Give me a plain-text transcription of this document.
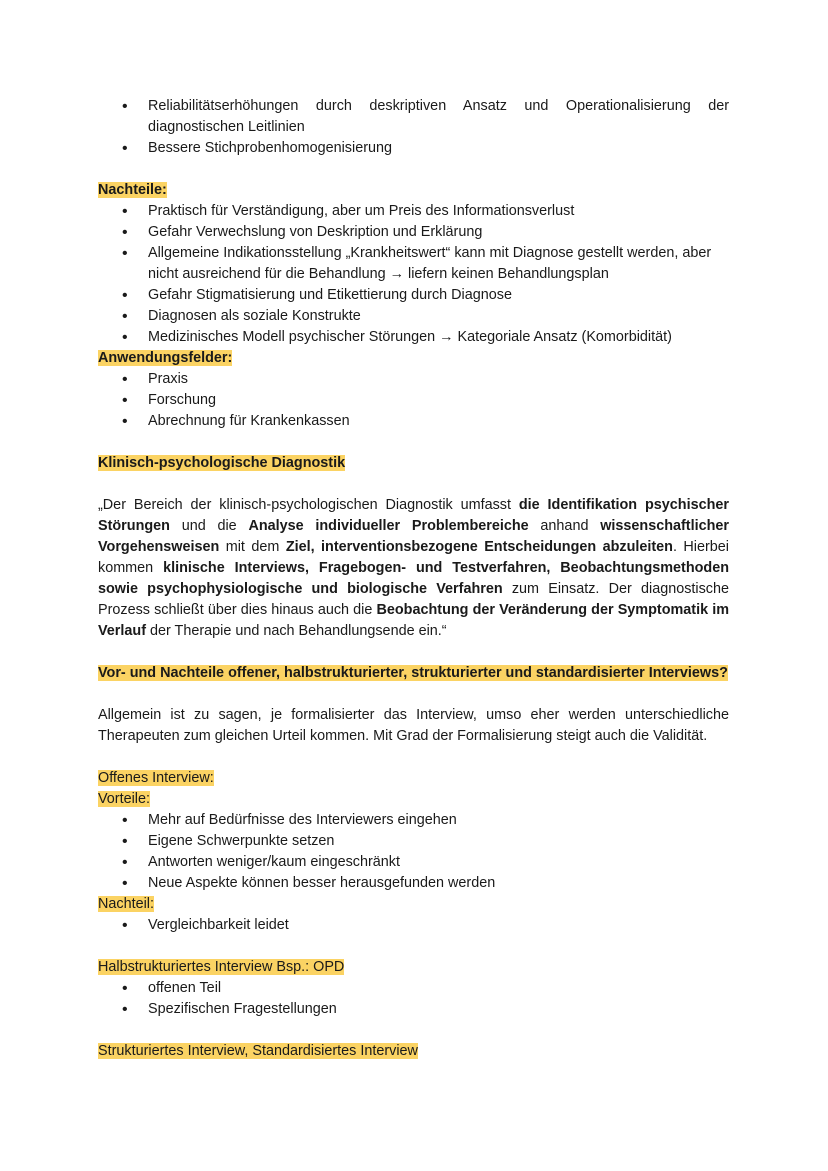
• Reliabilitätserhöhungen durch deskriptiven Ansatz und Operationalisierung der diagnostischen Leitlinien
• Bessere Stichprobenhomogenisierung
Nachteile:
• Praktisch für Verständigung, aber um Preis des Informationsverlust
• Gefahr Verwechslung von Deskription und Erklärung
• Allgemeine Indikationsstellung „Krankheitswert“ kann mit Diagnose gestellt werden, aber nicht ausreichend für die Behandlung → liefern keinen Behandlungsplan
• Gefahr Stigmatisierung und Etikettierung durch Diagnose
• Diagnosen als soziale Konstrukte
• Medizinisches Modell psychischer Störungen → Kategoriale Ansatz (Komorbidität)
Anwendungsfelder:
• Praxis
• Forschung
• Abrechnung für Krankenkassen
Klinisch-psychologische Diagnostik

„Der Bereich der klinisch-psychologischen Diagnostik umfasst die Identifikation psychischer Störungen und die Analyse individueller Problembereiche anhand wissenschaftlicher Vorgehensweisen mit dem Ziel, interventionsbezogene Entscheidungen abzuleiten. Hierbei kommen klinische Interviews, Fragebogen- und Testverfahren, Beobachtungsmethoden sowie psychophysiologische und biologische Verfahren zum Einsatz. Der diagnostische Prozess schließt über dies hinaus auch die Beobachtung der Veränderung der Symptomatik im Verlauf der Therapie und nach Behandlungsende ein.“

Vor- und Nachteile offener, halbstrukturierter, strukturierter und standardisierter Interviews?

Allgemein ist zu sagen, je formalisierter das Interview, umso eher werden unterschiedliche Therapeuten zum gleichen Urteil kommen. Mit Grad der Formalisierung steigt auch die Validität.

Offenes Interview:
Vorteile:
• Mehr auf Bedürfnisse des Interviewers eingehen
• Eigene Schwerpunkte setzen
• Antworten weniger/kaum eingeschränkt
• Neue Aspekte können besser herausgefunden werden
Nachteil:
• Vergleichbarkeit leidet
Halbstrukturiertes Interview Bsp.: OPD
• offenen Teil
• Spezifischen Fragestellungen
Strukturiertes Interview, Standardisiertes Interview
